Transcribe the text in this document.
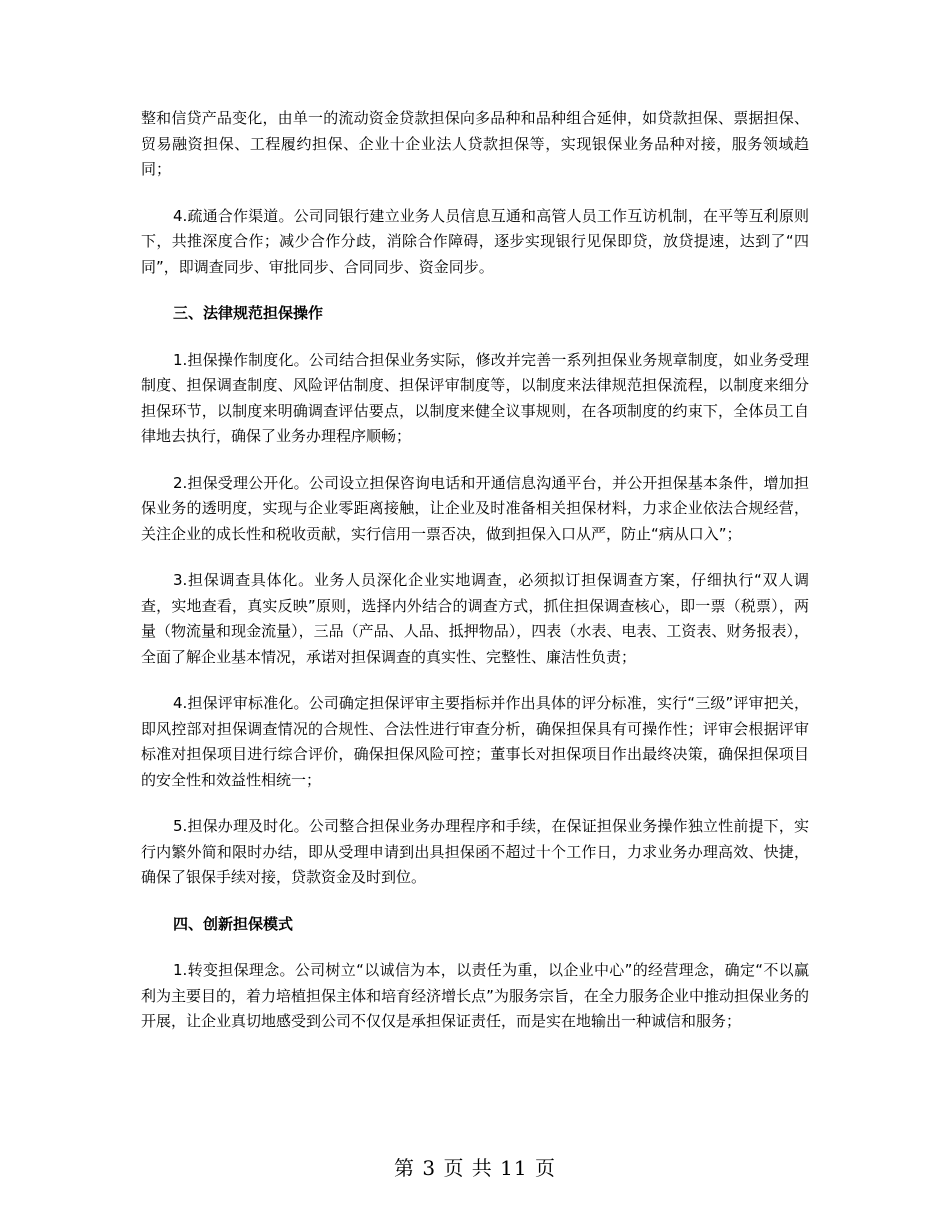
整和信贷产品变化，由单一的流动资金贷款担保向多品种和品种组合延伸，如贷款担保、票据担保、贸易融资担保、工程履约担保、企业十企业法人贷款担保等，实现银保业务品种对接，服务领域趋同；

4.疏通合作渠道。公司同银行建立业务人员信息互通和高管人员工作互访机制，在平等互利原则下，共推深度合作；减少合作分歧，消除合作障碍，逐步实现银行见保即贷，放贷提速，达到了“四同”，即调查同步、审批同步、合同同步、资金同步。

三、法律规范担保操作

1.担保操作制度化。公司结合担保业务实际，修改并完善一系列担保业务规章制度，如业务受理制度、担保调查制度、风险评估制度、担保评审制度等，以制度来法律规范担保流程，以制度来细分担保环节，以制度来明确调查评估要点，以制度来健全议事规则，在各项制度的约束下，全体员工自律地去执行，确保了业务办理程序顺畅；

2.担保受理公开化。公司设立担保咨询电话和开通信息沟通平台，并公开担保基本条件，增加担保业务的透明度，实现与企业零距离接触，让企业及时准备相关担保材料，力求企业依法合规经营，关注企业的成长性和税收贡献，实行信用一票否决，做到担保入口从严，防止“病从口入”；

3.担保调查具体化。业务人员深化企业实地调查，必须拟订担保调查方案，仔细执行“双人调查，实地查看，真实反映”原则，选择内外结合的调查方式，抓住担保调查核心，即一票（税票），两量（物流量和现金流量），三品（产品、人品、抵押物品），四表（水表、电表、工资表、财务报表），全面了解企业基本情况，承诺对担保调查的真实性、完整性、廉洁性负责；

4.担保评审标准化。公司确定担保评审主要指标并作出具体的评分标准，实行“三级”评审把关，即风控部对担保调查情况的合规性、合法性进行审查分析，确保担保具有可操作性；评审会根据评审标准对担保项目进行综合评价，确保担保风险可控；董事长对担保项目作出最终决策，确保担保项目的安全性和效益性相统一；

5.担保办理及时化。公司整合担保业务办理程序和手续，在保证担保业务操作独立性前提下，实行内繁外简和限时办结，即从受理申请到出具担保函不超过十个工作日，力求业务办理高效、快捷，确保了银保手续对接，贷款资金及时到位。

四、创新担保模式

1.转变担保理念。公司树立“以诚信为本，以责任为重，以企业中心”的经营理念，确定“不以赢利为主要目的，着力培植担保主体和培育经济增长点”为服务宗旨，在全力服务企业中推动担保业务的开展，让企业真切地感受到公司不仅仅是承担保证责任，而是实在地输出一种诚信和服务；

第 3 页 共 11 页
